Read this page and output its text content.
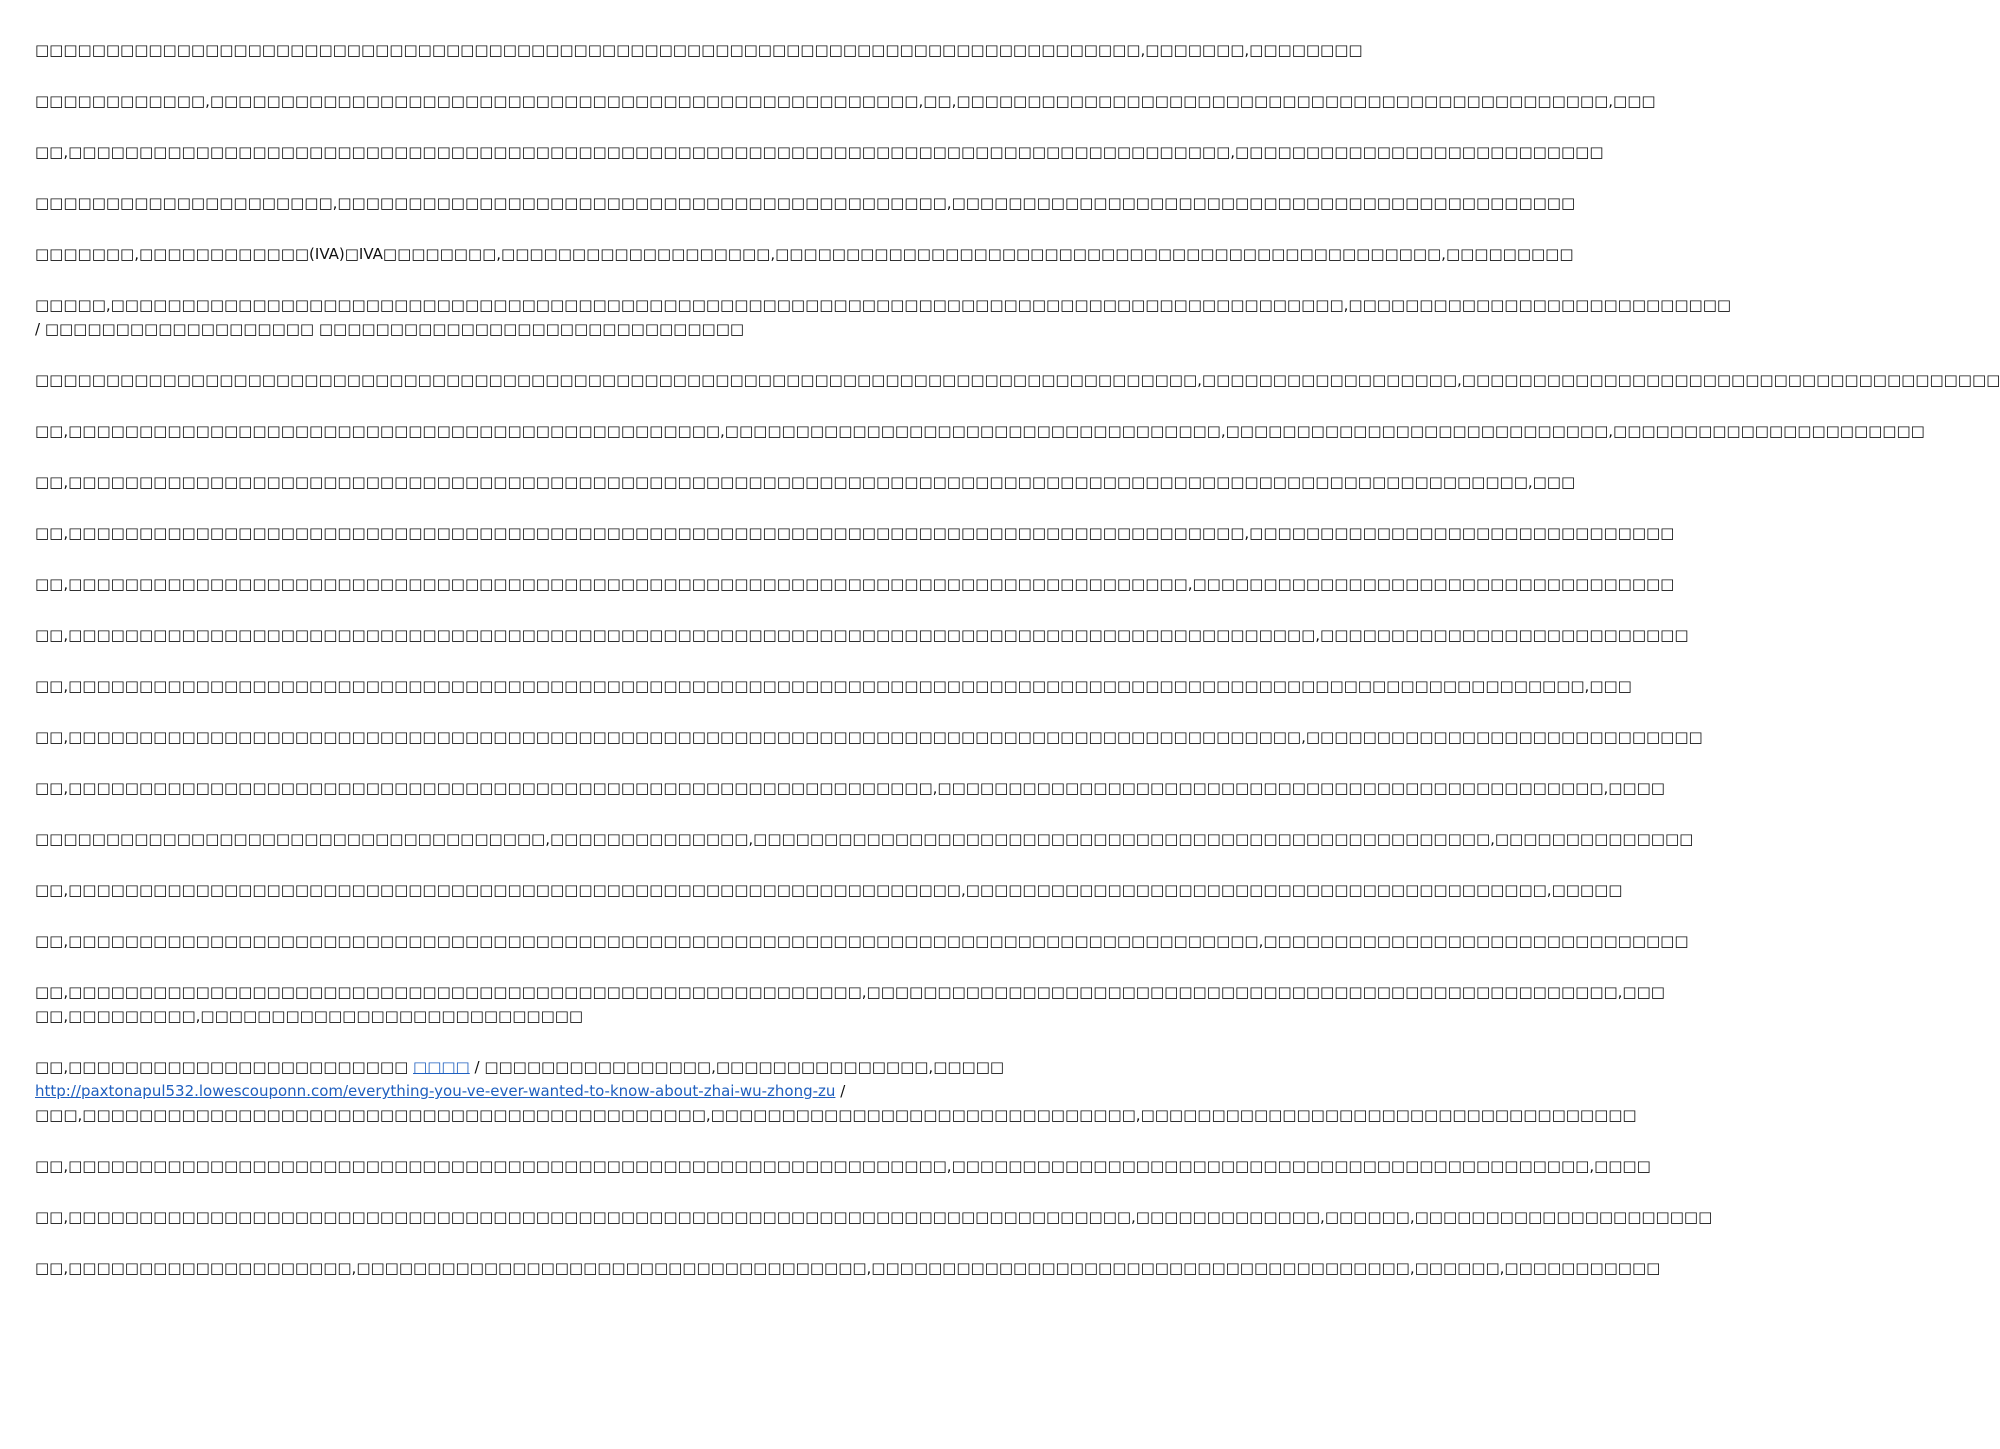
□□□□□□□□□□□□□□□□□□□□□□□□□□□□□□□□□□□□□□□□□□□□□□□□□□□□□□□□□□□□□□□□□□□□□□□□□□□□□□,□□□□□□□,□□□□□□□□

□□□□□□□□□□□□,□□□□□□□□□□□□□□□□□□□□□□□□□□□□□□□□□□□□□□□□□□□□□□□□□□,□□,□□□□□□□□□□□□□□□□□□□□□□□□□□□□□□□□□□□□□□□□□□□□□□,□□□

□□,□□□□□□□□□□□□□□□□□□□□□□□□□□□□□□□□□□□□□□□□□□□□□□□□□□□□□□□□□□□□□□□□□□□□□□□□□□□□□□□□□□,□□□□□□□□□□□□□□□□□□□□□□□□□□

□□□□□□□□□□□□□□□□□□□□□,□□□□□□□□□□□□□□□□□□□□□□□□□□□□□□□□□□□□□□□□□□□,□□□□□□□□□□□□□□□□□□□□□□□□□□□□□□□□□□□□□□□□□□□□

□□□□□□□,□□□□□□□□□□□□(IVA)□IVA□□□□□□□□,□□□□□□□□□□□□□□□□□□□,□□□□□□□□□□□□□□□□□□□□□□□□□□□□□□□□□□□□□□□□□□□□□□□,□□□□□□□□□

□□□□□,□□□□□□□□□□□□□□□□□□□□□□□□□□□□□□□□□□□□□□□□□□□□□□□□□□□□□□□□□□□□□□□□□□□□□□□□□□□□□□□□□□□□□□□,□□□□□□□□□□□□□□□□□□□□□□□□□□□
/ □□□□□□□□□□□□□□□□□□□ □□□□□□□□□□□□□□□□□□□□□□□□□□□□□□

□□□□□□□□□□□□□□□□□□□□□□□□□□□□□□□□□□□□□□□□□□□□□□□□□□□□□□□□□□□□□□□□□□□□□□□□□□□□□□□□□□,□□□□□□□□□□□□□□□□□□,□□□□□□□□□□□□□□□□□□□□□□□□□□□□□□□□□□□□□□

□□,□□□□□□□□□□□□□□□□□□□□□□□□□□□□□□□□□□□□□□□□□□□□□□,□□□□□□□□□□□□□□□□□□□□□□□□□□□□□□□□□□□,□□□□□□□□□□□□□□□□□□□□□□□□□□□,□□□□□□□□□□□□□□□□□□□□□□

□□,□□□□□□□□□□□□□□□□□□□□□□□□□□□□□□□□□□□□□□□□□□□□□□□□□□□□□□□□□□□□□□□□□□□□□□□□□□□□□□□□□□□□□□□□□□□□□□□□□□□□□□□,□□□

□□,□□□□□□□□□□□□□□□□□□□□□□□□□□□□□□□□□□□□□□□□□□□□□□□□□□□□□□□□□□□□□□□□□□□□□□□□□□□□□□□□□□□,□□□□□□□□□□□□□□□□□□□□□□□□□□□□□□

□□,□□□□□□□□□□□□□□□□□□□□□□□□□□□□□□□□□□□□□□□□□□□□□□□□□□□□□□□□□□□□□□□□□□□□□□□□□□□□□□□,□□□□□□□□□□□□□□□□□□□□□□□□□□□□□□□□□□

□□,□□□□□□□□□□□□□□□□□□□□□□□□□□□□□□□□□□□□□□□□□□□□□□□□□□□□□□□□□□□□□□□□□□□□□□□□□□□□□□□□□□□□□□□□,□□□□□□□□□□□□□□□□□□□□□□□□□□

□□,□□□□□□□□□□□□□□□□□□□□□□□□□□□□□□□□□□□□□□□□□□□□□□□□□□□□□□□□□□□□□□□□□□□□□□□□□□□□□□□□□□□□□□□□□□□□□□□□□□□□□□□□□□□,□□□

□□,□□□□□□□□□□□□□□□□□□□□□□□□□□□□□□□□□□□□□□□□□□□□□□□□□□□□□□□□□□□□□□□□□□□□□□□□□□□□□□□□□□□□□□□,□□□□□□□□□□□□□□□□□□□□□□□□□□□□

□□,□□□□□□□□□□□□□□□□□□□□□□□□□□□□□□□□□□□□□□□□□□□□□□□□□□□□□□□□□□□□□,□□□□□□□□□□□□□□□□□□□□□□□□□□□□□□□□□□□□□□□□□□□□□□□,□□□□

□□□□□□□□□□□□□□□□□□□□□□□□□□□□□□□□□□□□,□□□□□□□□□□□□□□,□□□□□□□□□□□□□□□□□□□□□□□□□□□□□□□□□□□□□□□□□□□□□□□□□□□□,□□□□□□□□□□□□□□

□□,□□□□□□□□□□□□□□□□□□□□□□□□□□□□□□□□□□□□□□□□□□□□□□□□□□□□□□□□□□□□□□□,□□□□□□□□□□□□□□□□□□□□□□□□□□□□□□□□□□□□□□□□□,□□□□□

□□,□□□□□□□□□□□□□□□□□□□□□□□□□□□□□□□□□□□□□□□□□□□□□□□□□□□□□□□□□□□□□□□□□□□□□□□□□□□□□□□□□□□□,□□□□□□□□□□□□□□□□□□□□□□□□□□□□□□

□□,□□□□□□□□□□□□□□□□□□□□□□□□□□□□□□□□□□□□□□□□□□□□□□□□□□□□□□□□,□□□□□□□□□□□□□□□□□□□□□□□□□□□□□□□□□□□□□□□□□□□□□□□□□□□□□,□□□
□□,□□□□□□□□□,□□□□□□□□□□□□□□□□□□□□□□□□□□□

□□,□□□□□□□□□□□□□□□□□□□□□□□□ □□□□ / □□□□□□□□□□□□□□□□,□□□□□□□□□□□□□□□,□□□□□
http://paxtonapul532.lowescouponn.com/everything-you-ve-ever-wanted-to-know-about-zhai-wu-zhong-zu /
□□□,□□□□□□□□□□□□□□□□□□□□□□□□□□□□□□□□□□□□□□□□□□□□,□□□□□□□□□□□□□□□□□□□□□□□□□□□□□□,□□□□□□□□□□□□□□□□□□□□□□□□□□□□□□□□□□□

□□,□□□□□□□□□□□□□□□□□□□□□□□□□□□□□□□□□□□□□□□□□□□□□□□□□□□□□□□□□□□□□□,□□□□□□□□□□□□□□□□□□□□□□□□□□□□□□□□□□□□□□□□□□□□□,□□□□

□□,□□□□□□□□□□□□□□□□□□□□□□□□□□□□□□□□□□□□□□□□□□□□□□□□□□□□□□□□□□□□□□□□□□□□□□□□□□□,□□□□□□□□□□□□□,□□□□□□,□□□□□□□□□□□□□□□□□□□□□

□□,□□□□□□□□□□□□□□□□□□□□,□□□□□□□□□□□□□□□□□□□□□□□□□□□□□□□□□□□□,□□□□□□□□□□□□□□□□□□□□□□□□□□□□□□□□□□□□□□,□□□□□□,□□□□□□□□□□□
